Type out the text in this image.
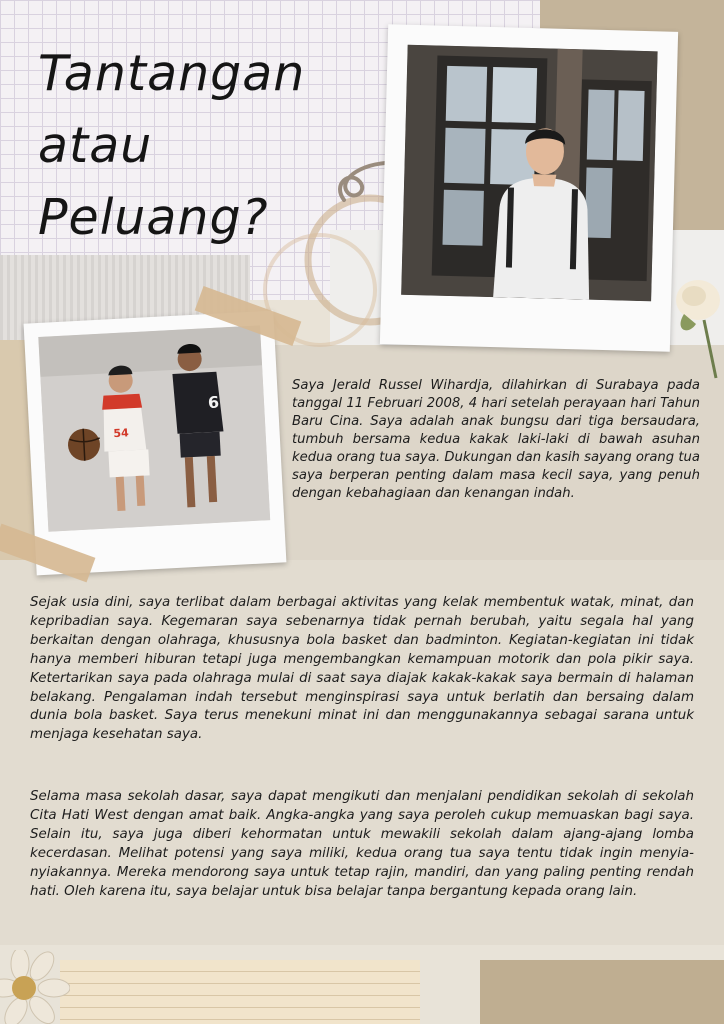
Tantangan atau
Peluang?
54
6

Saya Jerald Russel Wihardja, dilahirkan di Surabaya pada tanggal 11 Februari 2008, 4 hari setelah perayaan hari Tahun Baru Cina. Saya adalah anak bungsu dari tiga bersaudara, tumbuh bersama kedua kakak laki-laki di bawah asuhan kedua orang tua saya. Dukungan dan kasih sayang orang tua saya berperan penting dalam masa kecil saya, yang penuh dengan kebahagiaan dan kenangan indah.

Sejak usia dini, saya terlibat dalam berbagai aktivitas yang kelak membentuk watak, minat, dan kepribadian saya. Kegemaran saya sebenarnya tidak pernah berubah, yaitu segala hal yang berkaitan dengan olahraga, khususnya bola basket dan badminton. Kegiatan-kegiatan ini tidak hanya memberi hiburan tetapi juga mengembangkan kemampuan motorik dan pola pikir saya. Ketertarikan saya pada olahraga mulai di saat saya diajak kakak-kakak saya bermain di halaman belakang. Pengalaman indah tersebut menginspirasi saya untuk berlatih dan bersaing dalam dunia bola basket. Saya terus menekuni minat ini dan menggunakannya sebagai sarana untuk menjaga kesehatan saya.

Selama masa sekolah dasar, saya dapat mengikuti dan menjalani pendidikan sekolah di sekolah Cita Hati West dengan amat baik. Angka-angka yang saya peroleh cukup memuaskan bagi saya. Selain itu, saya juga diberi kehormatan untuk mewakili sekolah dalam ajang-ajang lomba kecerdasan. Melihat potensi yang saya miliki, kedua orang tua saya tentu tidak ingin menyia-nyiakannya. Mereka mendorong saya untuk tetap rajin, mandiri, dan yang paling penting rendah hati. Oleh karena itu, saya belajar untuk bisa belajar tanpa bergantung kepada orang lain.
